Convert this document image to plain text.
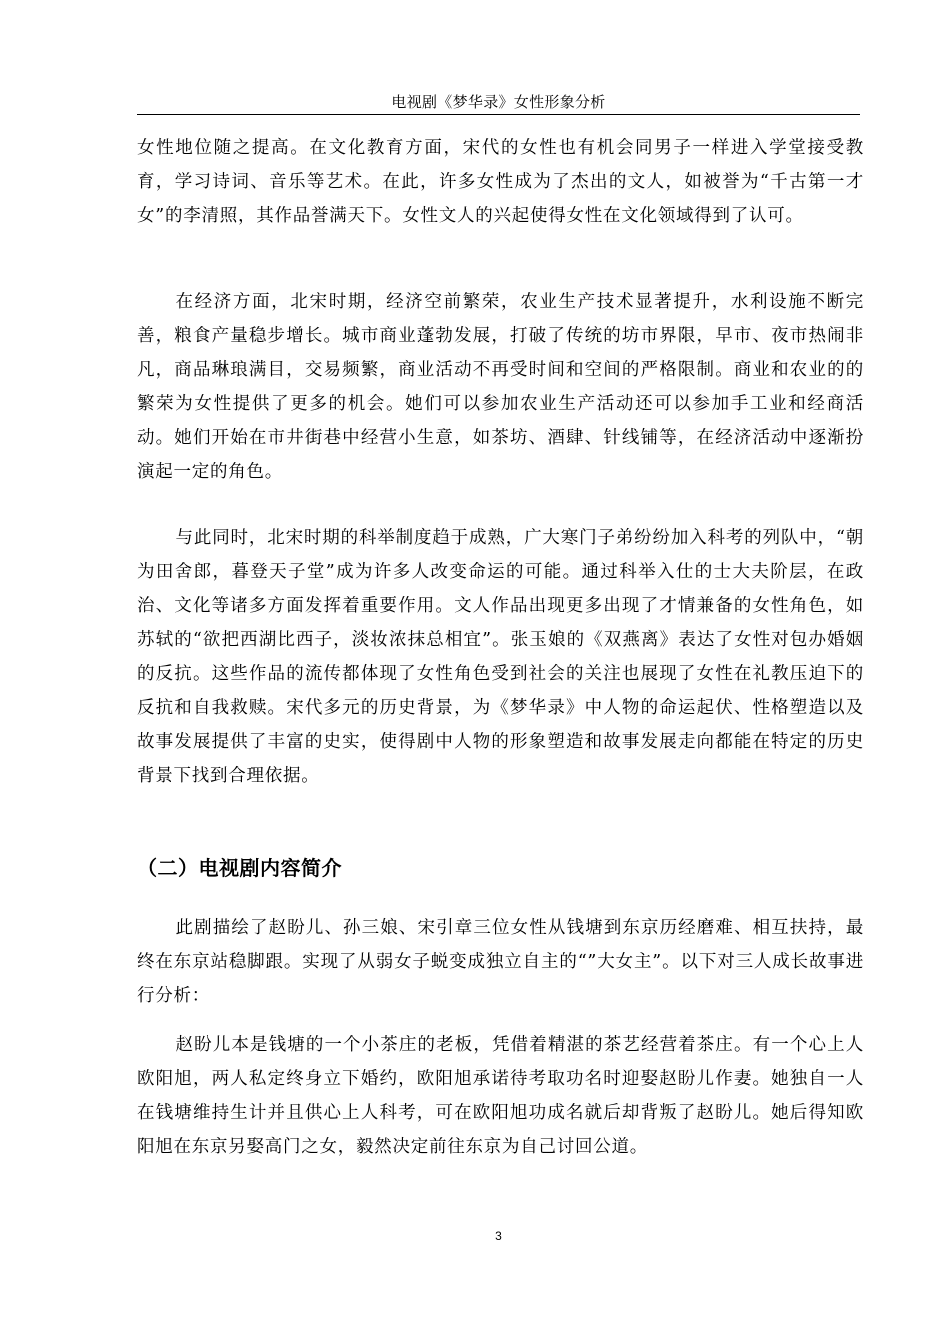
电视剧《梦华录》女性形象分析

女性地位随之提高。在文化教育方面，宋代的女性也有机会同男子一样进入学堂接受教育，学习诗词、音乐等艺术。在此，许多女性成为了杰出的文人，如被誉为“千古第一才女”的李清照，其作品誉满天下。女性文人的兴起使得女性在文化领域得到了认可。

在经济方面，北宋时期，经济空前繁荣，农业生产技术显著提升，水利设施不断完善，粮食产量稳步增长。城市商业蓬勃发展，打破了传统的坊市界限，早市、夜市热闹非凡，商品琳琅满目，交易频繁，商业活动不再受时间和空间的严格限制。商业和农业的的繁荣为女性提供了更多的机会。她们可以参加农业生产活动还可以参加手工业和经商活动。她们开始在市井街巷中经营小生意，如茶坊、酒肆、针线铺等，在经济活动中逐渐扮演起一定的角色。

与此同时，北宋时期的科举制度趋于成熟，广大寒门子弟纷纷加入科考的列队中，“朝为田舍郎，暮登天子堂”成为许多人改变命运的可能。通过科举入仕的士大夫阶层，在政治、文化等诸多方面发挥着重要作用。文人作品出现更多出现了才情兼备的女性角色，如苏轼的“欲把西湖比西子，淡妆浓抹总相宜”。张玉娘的《双燕离》表达了女性对包办婚姻的反抗。这些作品的流传都体现了女性角色受到社会的关注也展现了女性在礼教压迫下的反抗和自我救赎。宋代多元的历史背景，为《梦华录》中人物的命运起伏、性格塑造以及故事发展提供了丰富的史实，使得剧中人物的形象塑造和故事发展走向都能在特定的历史背景下找到合理依据。

（二）电视剧内容简介

此剧描绘了赵盼儿、孙三娘、宋引章三位女性从钱塘到东京历经磨难、相互扶持，最终在东京站稳脚跟。实现了从弱女子蜕变成独立自主的“”大女主”。以下对三人成长故事进行分析：

赵盼儿本是钱塘的一个小茶庄的老板，凭借着精湛的茶艺经营着茶庄。有一个心上人欧阳旭，两人私定终身立下婚约，欧阳旭承诺待考取功名时迎娶赵盼儿作妻。她独自一人在钱塘维持生计并且供心上人科考，可在欧阳旭功成名就后却背叛了赵盼儿。她后得知欧阳旭在东京另娶高门之女，毅然决定前往东京为自己讨回公道。

3
